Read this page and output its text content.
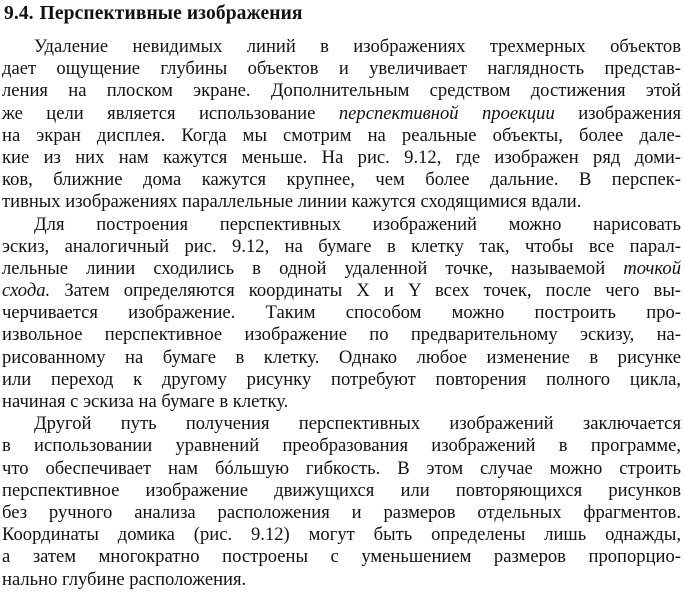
9.4. Перспективные изображения
Удаление невидимых линий в изображениях трехмерных объектов
дает ощущение глубины объектов и увеличивает наглядность представ-
ления на плоском экране. Дополнительным средством достижения этой
же цели является использование перспективной проекции изображения
на экран дисплея. Когда мы смотрим на реальные объекты, более дале-
кие из них нам кажутся меньше. На рис. 9.12, где изображен ряд доми-
ков, ближние дома кажутся крупнее, чем более дальние. В перспек-
тивных изображениях параллельные линии кажутся сходящимися вдали.
Для построения перспективных изображений можно нарисовать
эскиз, аналогичный рис. 9.12, на бумаге в клетку так, чтобы все парал-
лельные линии сходились в одной удаленной точке, называемой точкой
схода. Затем определяются координаты X и Y всех точек, после чего вы-
черчивается изображение. Таким способом можно построить про-
извольное перспективное изображение по предварительному эскизу, на-
рисованному на бумаге в клетку. Однако любое изменение в рисунке
или переход к другому рисунку потребуют повторения полного цикла,
начиная с эскиза на бумаге в клетку.
Другой путь получения перспективных изображений заключается
в использовании уравнений преобразования изображений в программе,
что обеспечивает нам бóльшую гибкость. В этом случае можно строить
перспективное изображение движущихся или повторяющихся рисунков
без ручного анализа расположения и размеров отдельных фрагментов.
Координаты домика (рис. 9.12) могут быть определены лишь однажды,
а затем многократно построены с уменьшением размеров пропорцио-
нально глубине расположения.
